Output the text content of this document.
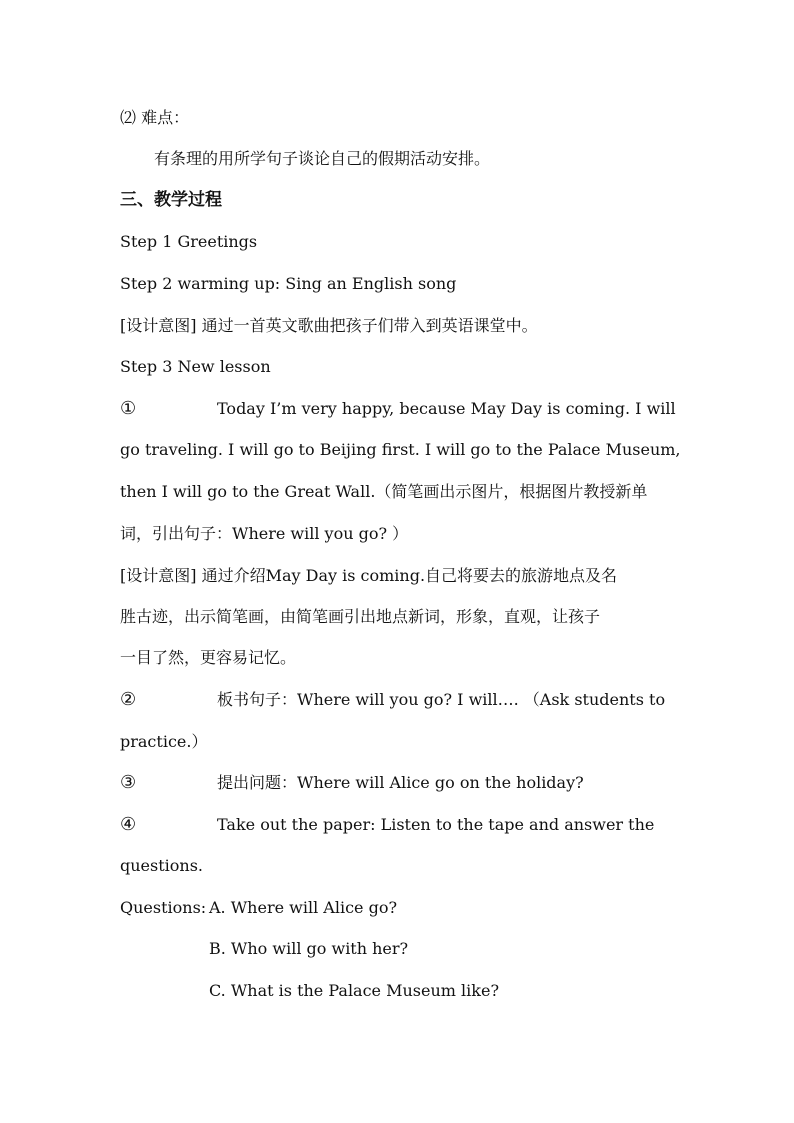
⑵ 难点：
有条理的用所学句子谈论自己的假期活动安排。
三、教学过程
Step 1 Greetings
Step 2 warming up: Sing an English song
[设计意图] 通过一首英文歌曲把孩子们带入到英语课堂中。
Step 3 New lesson
①	Today I’m very happy, because May Day is coming. I will
go traveling. I will go to Beijing first. I will go to the Palace Museum,
then I will go to the Great Wall.（简笔画出示图片，根据图片教授新单
词，引出句子：Where will you go? ）
[设计意图] 通过介绍May Day is coming.自己将要去的旅游地点及名
胜古迹，出示简笔画，由简笔画引出地点新词，形象，直观，让孩子
一目了然，更容易记忆。
②	板书句子：Where will you go? I will…. （Ask students to
practice.）
③	提出问题：Where will Alice go on the holiday?
④	Take out the paper: Listen to the tape and answer the
questions.
Questions: A. Where will Alice go?
B. Who will go with her?
C. What is the Palace Museum like?
